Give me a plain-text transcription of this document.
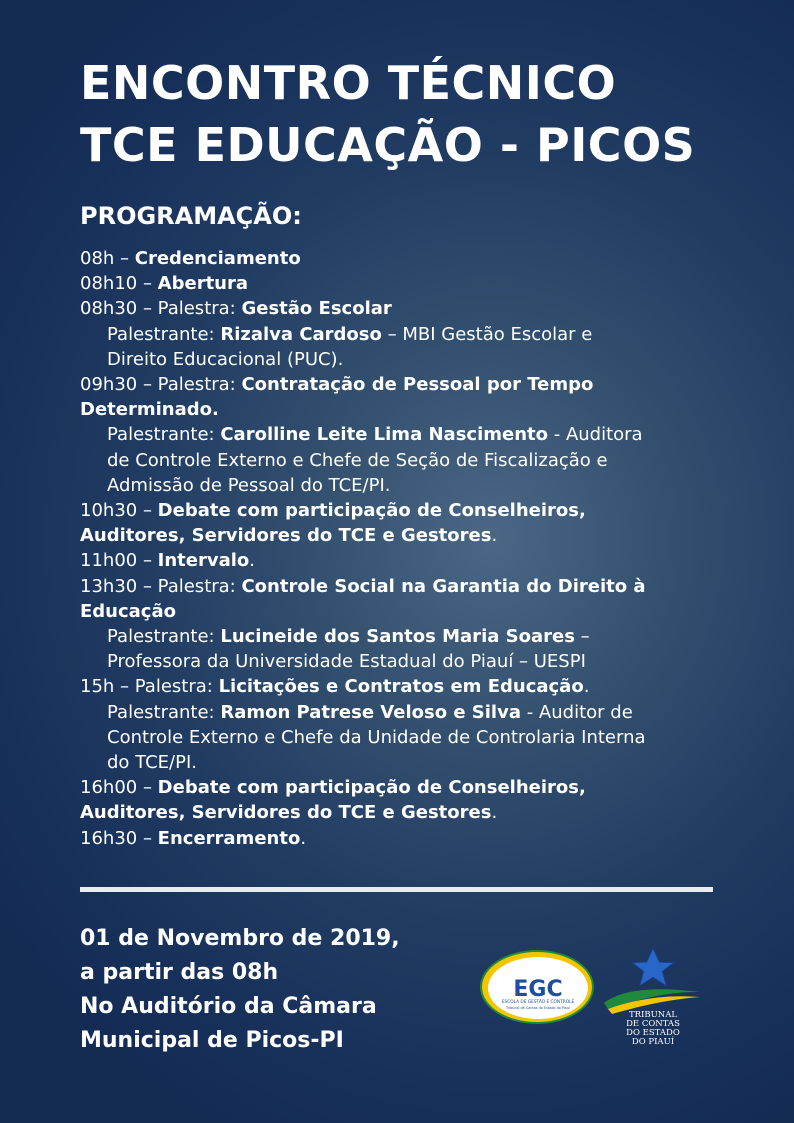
ENCONTRO TÉCNICO
TCE EDUCAÇÃO - PICOS
PROGRAMAÇÃO:
08h – Credenciamento
08h10 – Abertura
08h30 – Palestra: Gestão Escolar
Palestrante: Rizalva Cardoso – MBI Gestão Escolar e
Direito Educacional (PUC).
09h30 – Palestra: Contratação de Pessoal por Tempo
Determinado.
Palestrante: Carolline Leite Lima Nascimento - Auditora
de Controle Externo e Chefe de Seção de Fiscalização e
Admissão de Pessoal do TCE/PI.
10h30 – Debate com participação de Conselheiros,
Auditores, Servidores do TCE e Gestores.
11h00 – Intervalo.
13h30 – Palestra: Controle Social na Garantia do Direito à
Educação
Palestrante: Lucineide dos Santos Maria Soares –
Professora da Universidade Estadual do Piauí – UESPI
15h – Palestra: Licitações e Contratos em Educação.
Palestrante: Ramon Patrese Veloso e Silva - Auditor de
Controle Externo e Chefe da Unidade de Controlaria Interna
do TCE/PI.
16h00 – Debate com participação de Conselheiros,
Auditores, Servidores do TCE e Gestores.
16h30 – Encerramento.
01 de Novembro de 2019,
a partir das 08h
No Auditório da Câmara
Municipal de Picos-PI
EGC
ESCOLA DE GESTÃO E CONTROLE
Tribunal de Contas do Estado do Piauí
TRIBUNAL
DE CONTAS
DO ESTADO
DO PIAUÍ
